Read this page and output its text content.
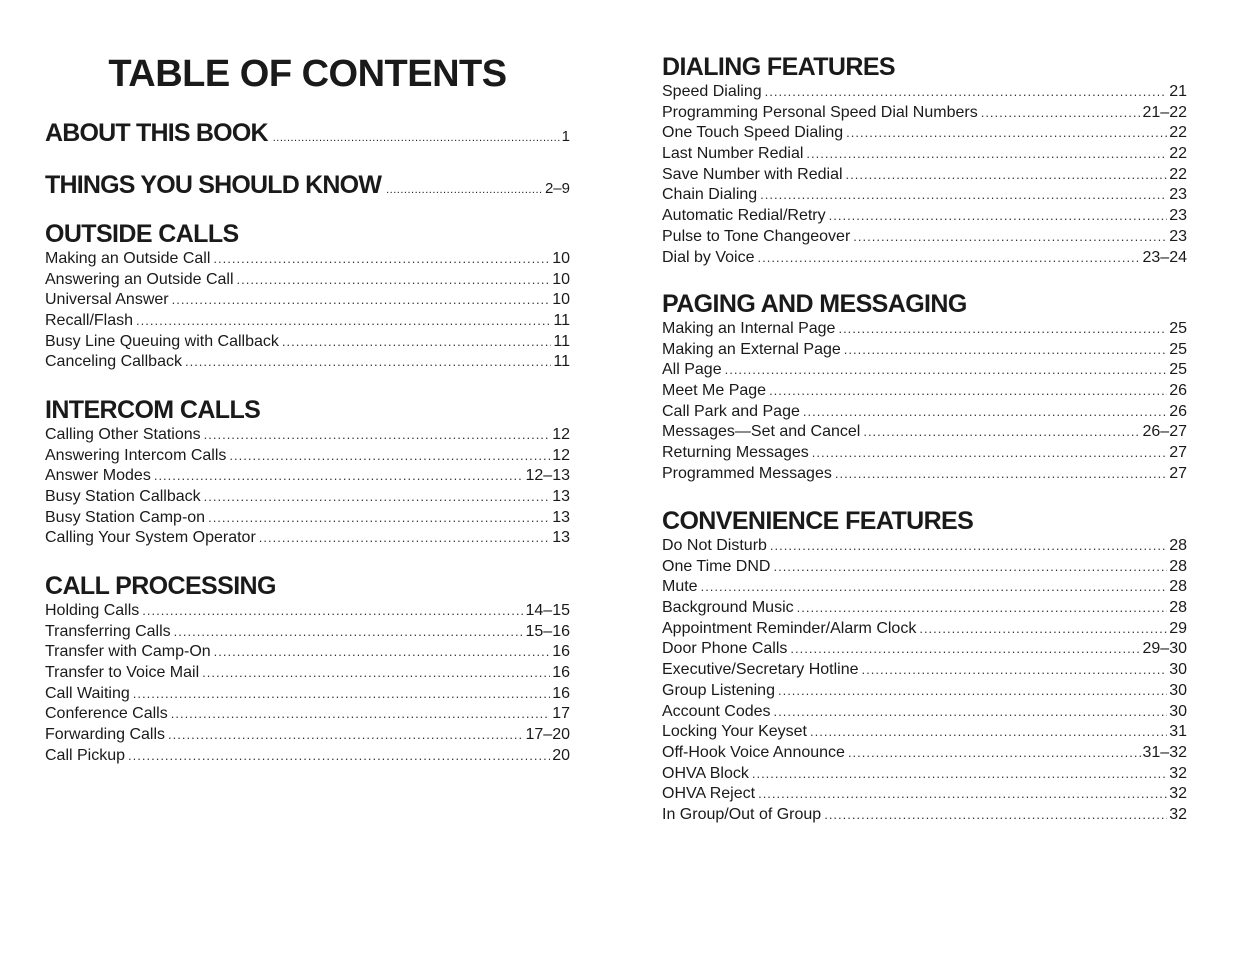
TABLE OF CONTENTS
ABOUT THIS BOOK .....	1
THINGS YOU SHOULD KNOW .....	2–9
OUTSIDE CALLS
Making an Outside Call .....	10
Answering an Outside Call .....	10
Universal Answer .....	10
Recall/Flash .....	11
Busy Line Queuing with Callback .....	11
Canceling Callback .....	11
INTERCOM CALLS
Calling Other Stations .....	12
Answering Intercom Calls .....	12
Answer Modes .....	12–13
Busy Station Callback .....	13
Busy Station Camp-on .....	13
Calling Your System Operator .....	13
CALL PROCESSING
Holding Calls .....	14–15
Transferring Calls .....	15–16
Transfer with Camp-On .....	16
Transfer to Voice Mail .....	16
Call Waiting .....	16
Conference Calls .....	17
Forwarding Calls .....	17–20
Call Pickup .....	20
DIALING FEATURES
Speed Dialing .....	21
Programming Personal Speed Dial Numbers .....	21–22
One Touch Speed Dialing .....	22
Last Number Redial .....	22
Save Number with Redial .....	22
Chain Dialing .....	23
Automatic Redial/Retry .....	23
Pulse to Tone Changeover .....	23
Dial by Voice .....	23–24
PAGING AND MESSAGING
Making an Internal Page .....	25
Making an External Page .....	25
All Page .....	25
Meet Me Page .....	26
Call Park and Page .....	26
Messages—Set and Cancel .....	26–27
Returning Messages .....	27
Programmed Messages .....	27
CONVENIENCE FEATURES
Do Not Disturb .....	28
One Time DND .....	28
Mute .....	28
Background Music .....	28
Appointment Reminder/Alarm Clock .....	29
Door Phone Calls .....	29–30
Executive/Secretary Hotline .....	30
Group Listening .....	30
Account Codes .....	30
Locking Your Keyset .....	31
Off-Hook Voice Announce .....	31–32
OHVA Block .....	32
OHVA Reject .....	32
In Group/Out of Group .....	32
